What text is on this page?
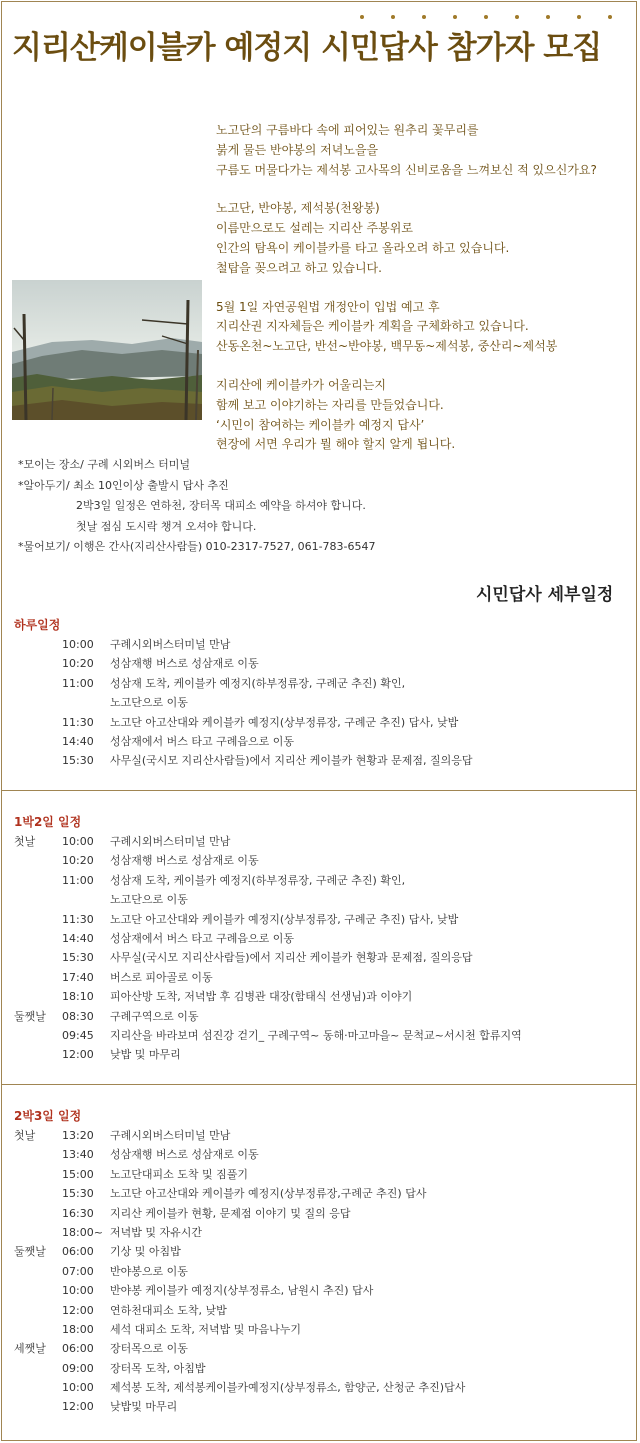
지리산케이블카 예정지 시민답사 참가자 모집

노고단의 구름바다 속에 피어있는 원추리 꽃무리를
붉게 물든 반야봉의 저녁노을을
구름도 머물다가는 제석봉 고사목의 신비로움을 느껴보신 적 있으신가요?

노고단, 반야봉, 제석봉(천왕봉)
이름만으로도 설레는 지리산 주봉위로
인간의 탐욕이 케이블카를 타고 올라오려 하고 있습니다.
철탑을 꽂으려고 하고 있습니다.

5월 1일 자연공원법 개정안이 입법 예고 후
지리산권 지자체들은 케이블카 계획을 구체화하고 있습니다.
산동온천~노고단, 반선~반야봉, 백무동~제석봉, 중산리~제석봉

지리산에 케이블카가 어울리는지
함께 보고 이야기하는 자리를 만들었습니다.
‘시민이 참여하는 케이블카 예정지 답사’
현장에 서면 우리가 뭘 해야 할지 알게 됩니다.

*모이는 장소/ 구례 시외버스 터미널
*알아두기/ 최소 10인이상 출발시 답사 추진
2박3일 일정은 연하천, 장터목 대피소 예약을 하셔야 합니다.
첫날 점심 도시락 챙겨 오셔야 합니다.
*물어보기/ 이행은 간사(지리산사람들) 010-2317-7527, 061-783-6547
시민답사 세부일정
하루일정
10:00 구례시외버스터미널 만남
10:20 성삼재행 버스로 성삼재로 이동
11:00 성삼재 도착, 케이블카 예정지(하부정류장, 구례군 추진) 확인,
노고단으로 이동
11:30 노고단 아고산대와 케이블카 예정지(상부정류장, 구례군 추진) 답사, 낮밥
14:40 성삼재에서 버스 타고 구례읍으로 이동
15:30 사무실(국시모 지리산사람들)에서 지리산 케이블카 현황과 문제점, 질의응답
1박2일 일정
첫날 10:00 구례시외버스터미널 만남
10:20 성삼재행 버스로 성삼재로 이동
11:00 성삼재 도착, 케이블카 예정지(하부정류장, 구례군 추진) 확인,
노고단으로 이동
11:30 노고단 아고산대와 케이블카 예정지(상부정류장, 구례군 추진) 답사, 낮밥
14:40 성삼재에서 버스 타고 구례읍으로 이동
15:30 사무실(국시모 지리산사람들)에서 지리산 케이블카 현황과 문제점, 질의응답
17:40 버스로 피아골로 이동
18:10 피아산방 도착, 저녁밥 후 김병관 대장(함태식 선생님)과 이야기
둘쨋날 08:30 구례구역으로 이동
09:45 지리산을 바라보며 섬진강 걷기_ 구례구역~ 동해·마고마을~ 문척교~서시천 합류지역
12:00 낮밥 및 마무리
2박3일 일정
첫날 13:20 구례시외버스터미널 만남
13:40 성삼재행 버스로 성삼재로 이동
15:00 노고단대피소 도착 및 짐풀기
15:30 노고단 아고산대와 케이블카 예정지(상부정류장,구례군 추진) 답사
16:30 지리산 케이블카 현황, 문제점 이야기 및 질의 응답
18:00~ 저녁밥 및 자유시간
둘쨋날 06:00 기상 및 아침밥
07:00 반야봉으로 이동
10:00 반야봉 케이블카 예정지(상부정류소, 남원시 추진) 답사
12:00 연하천대피소 도착, 낮밥
18:00 세석 대피소 도착, 저녁밥 및 마음나누기
세쨋날 06:00 장터목으로 이동
09:00 장터목 도착, 아침밥
10:00 제석봉 도착, 제석봉케이블카예정지(상부정류소, 함양군, 산청군 추진)답사
12:00 낮밥및 마무리
